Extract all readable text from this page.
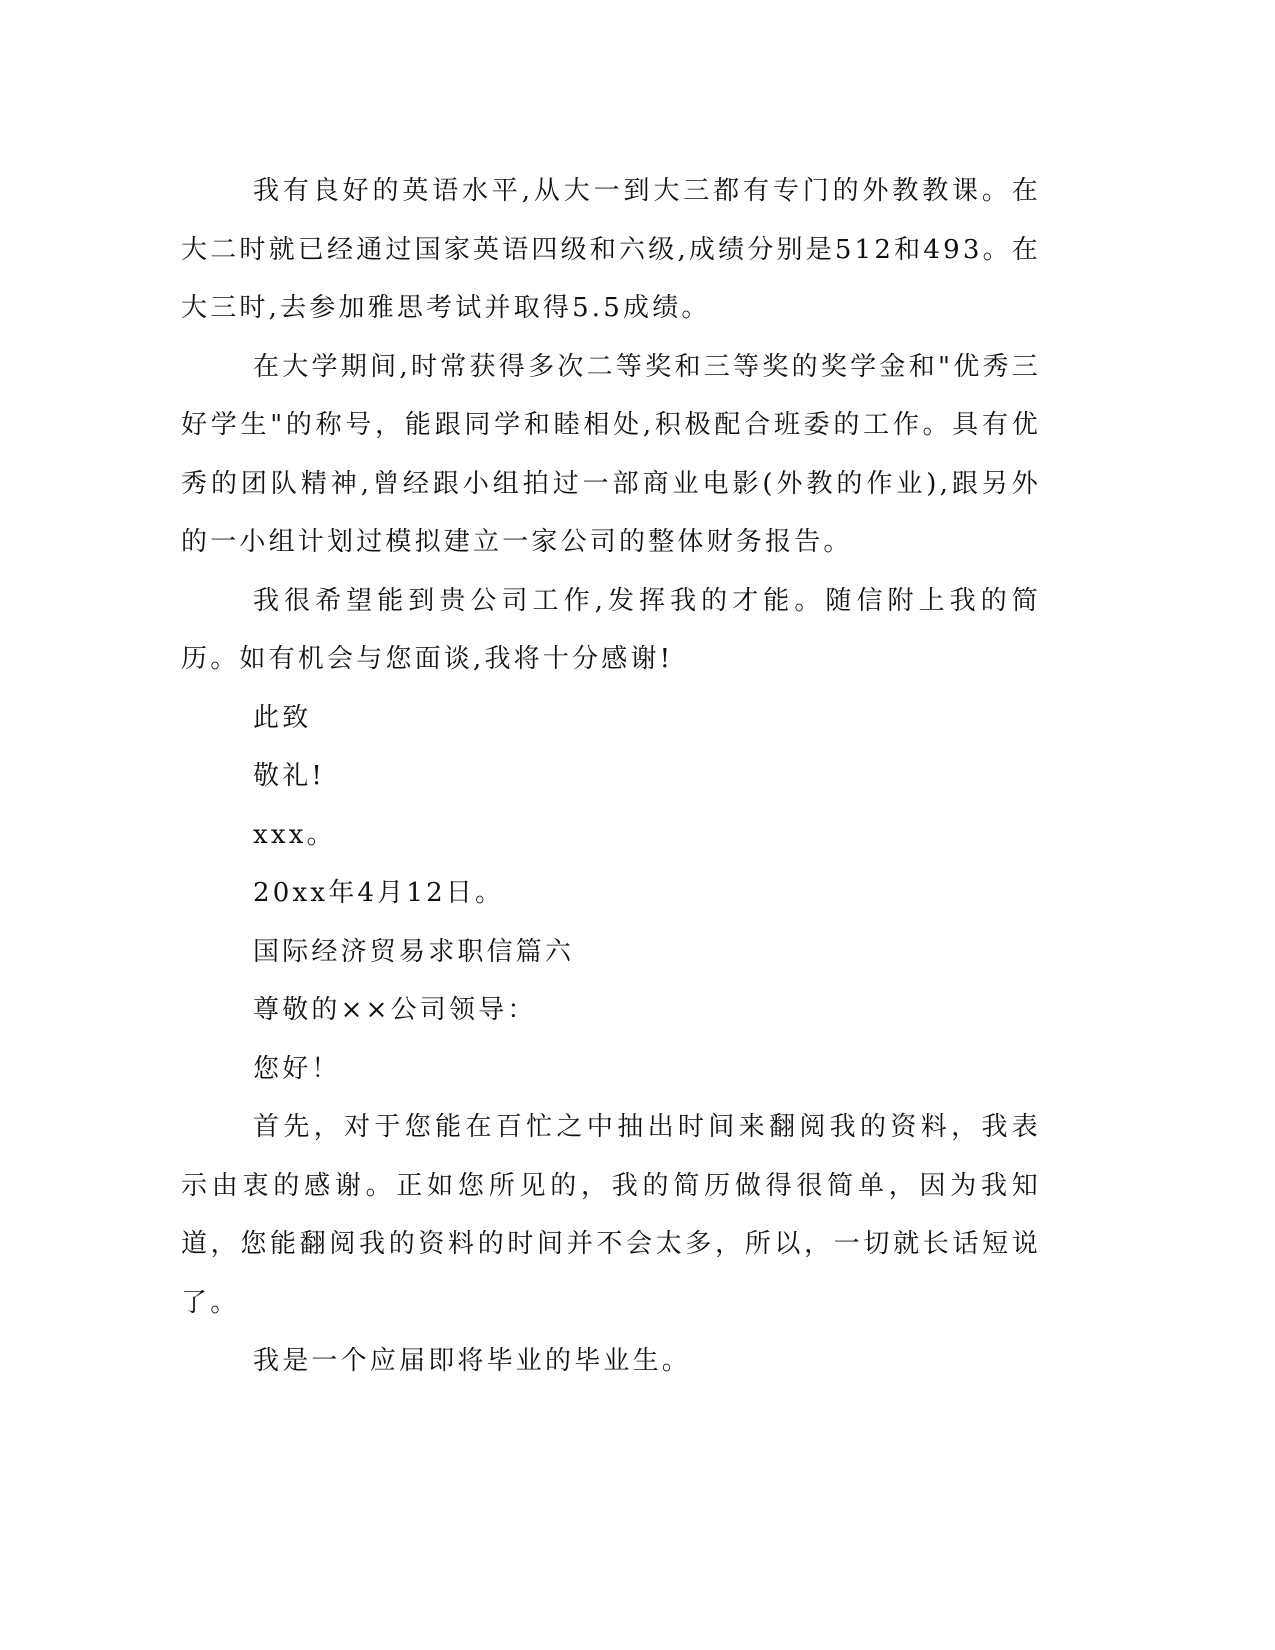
我有良好的英语水平,从大一到大三都有专门的外教教课。在大二时就已经通过国家英语四级和六级,成绩分别是512和493。在大三时,去参加雅思考试并取得5.5成绩。

在大学期间,时常获得多次二等奖和三等奖的奖学金和"优秀三好学生"的称号，能跟同学和睦相处,积极配合班委的工作。具有优秀的团队精神,曾经跟小组拍过一部商业电影(外教的作业),跟另外的一小组计划过模拟建立一家公司的整体财务报告。

我很希望能到贵公司工作,发挥我的才能。随信附上我的简历。如有机会与您面谈,我将十分感谢!

此致

敬礼!

xxx。

20xx年4月12日。

国际经济贸易求职信篇六

尊敬的××公司领导：

您好！

首先，对于您能在百忙之中抽出时间来翻阅我的资料，我表示由衷的感谢。正如您所见的，我的简历做得很简单，因为我知道，您能翻阅我的资料的时间并不会太多，所以，一切就长话短说了。

我是一个应届即将毕业的毕业生。
